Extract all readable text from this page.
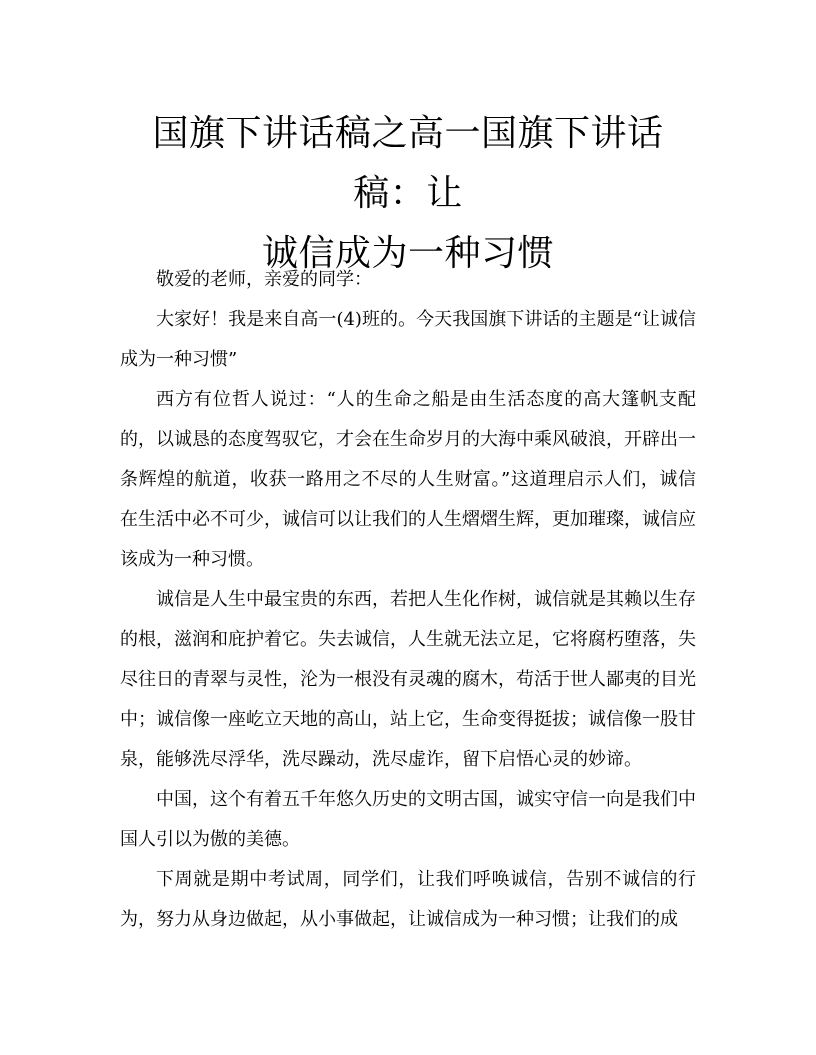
国旗下讲话稿之高一国旗下讲话稿：让
诚信成为一种习惯

敬爱的老师，亲爱的同学：

大家好！我是来自高一(4)班的。今天我国旗下讲话的主题是“让诚信成为一种习惯”

西方有位哲人说过：“人的生命之船是由生活态度的高大篷帆支配的，以诚恳的态度驾驭它，才会在生命岁月的大海中乘风破浪，开辟出一条辉煌的航道，收获一路用之不尽的人生财富。”这道理启示人们，诚信在生活中必不可少，诚信可以让我们的人生熠熠生辉，更加璀璨，诚信应该成为一种习惯。

诚信是人生中最宝贵的东西，若把人生化作树，诚信就是其赖以生存的根，滋润和庇护着它。失去诚信，人生就无法立足，它将腐朽堕落，失尽往日的青翠与灵性，沦为一根没有灵魂的腐木，苟活于世人鄙夷的目光中；诚信像一座屹立天地的高山，站上它，生命变得挺拔；诚信像一股甘泉，能够洗尽浮华，洗尽躁动，洗尽虚诈，留下启悟心灵的妙谛。

中国，这个有着五千年悠久历史的文明古国，诚实守信一向是我们中国人引以为傲的美德。

下周就是期中考试周，同学们，让我们呼唤诚信，告别不诚信的行为，努力从身边做起，从小事做起，让诚信成为一种习惯；让我们的成
